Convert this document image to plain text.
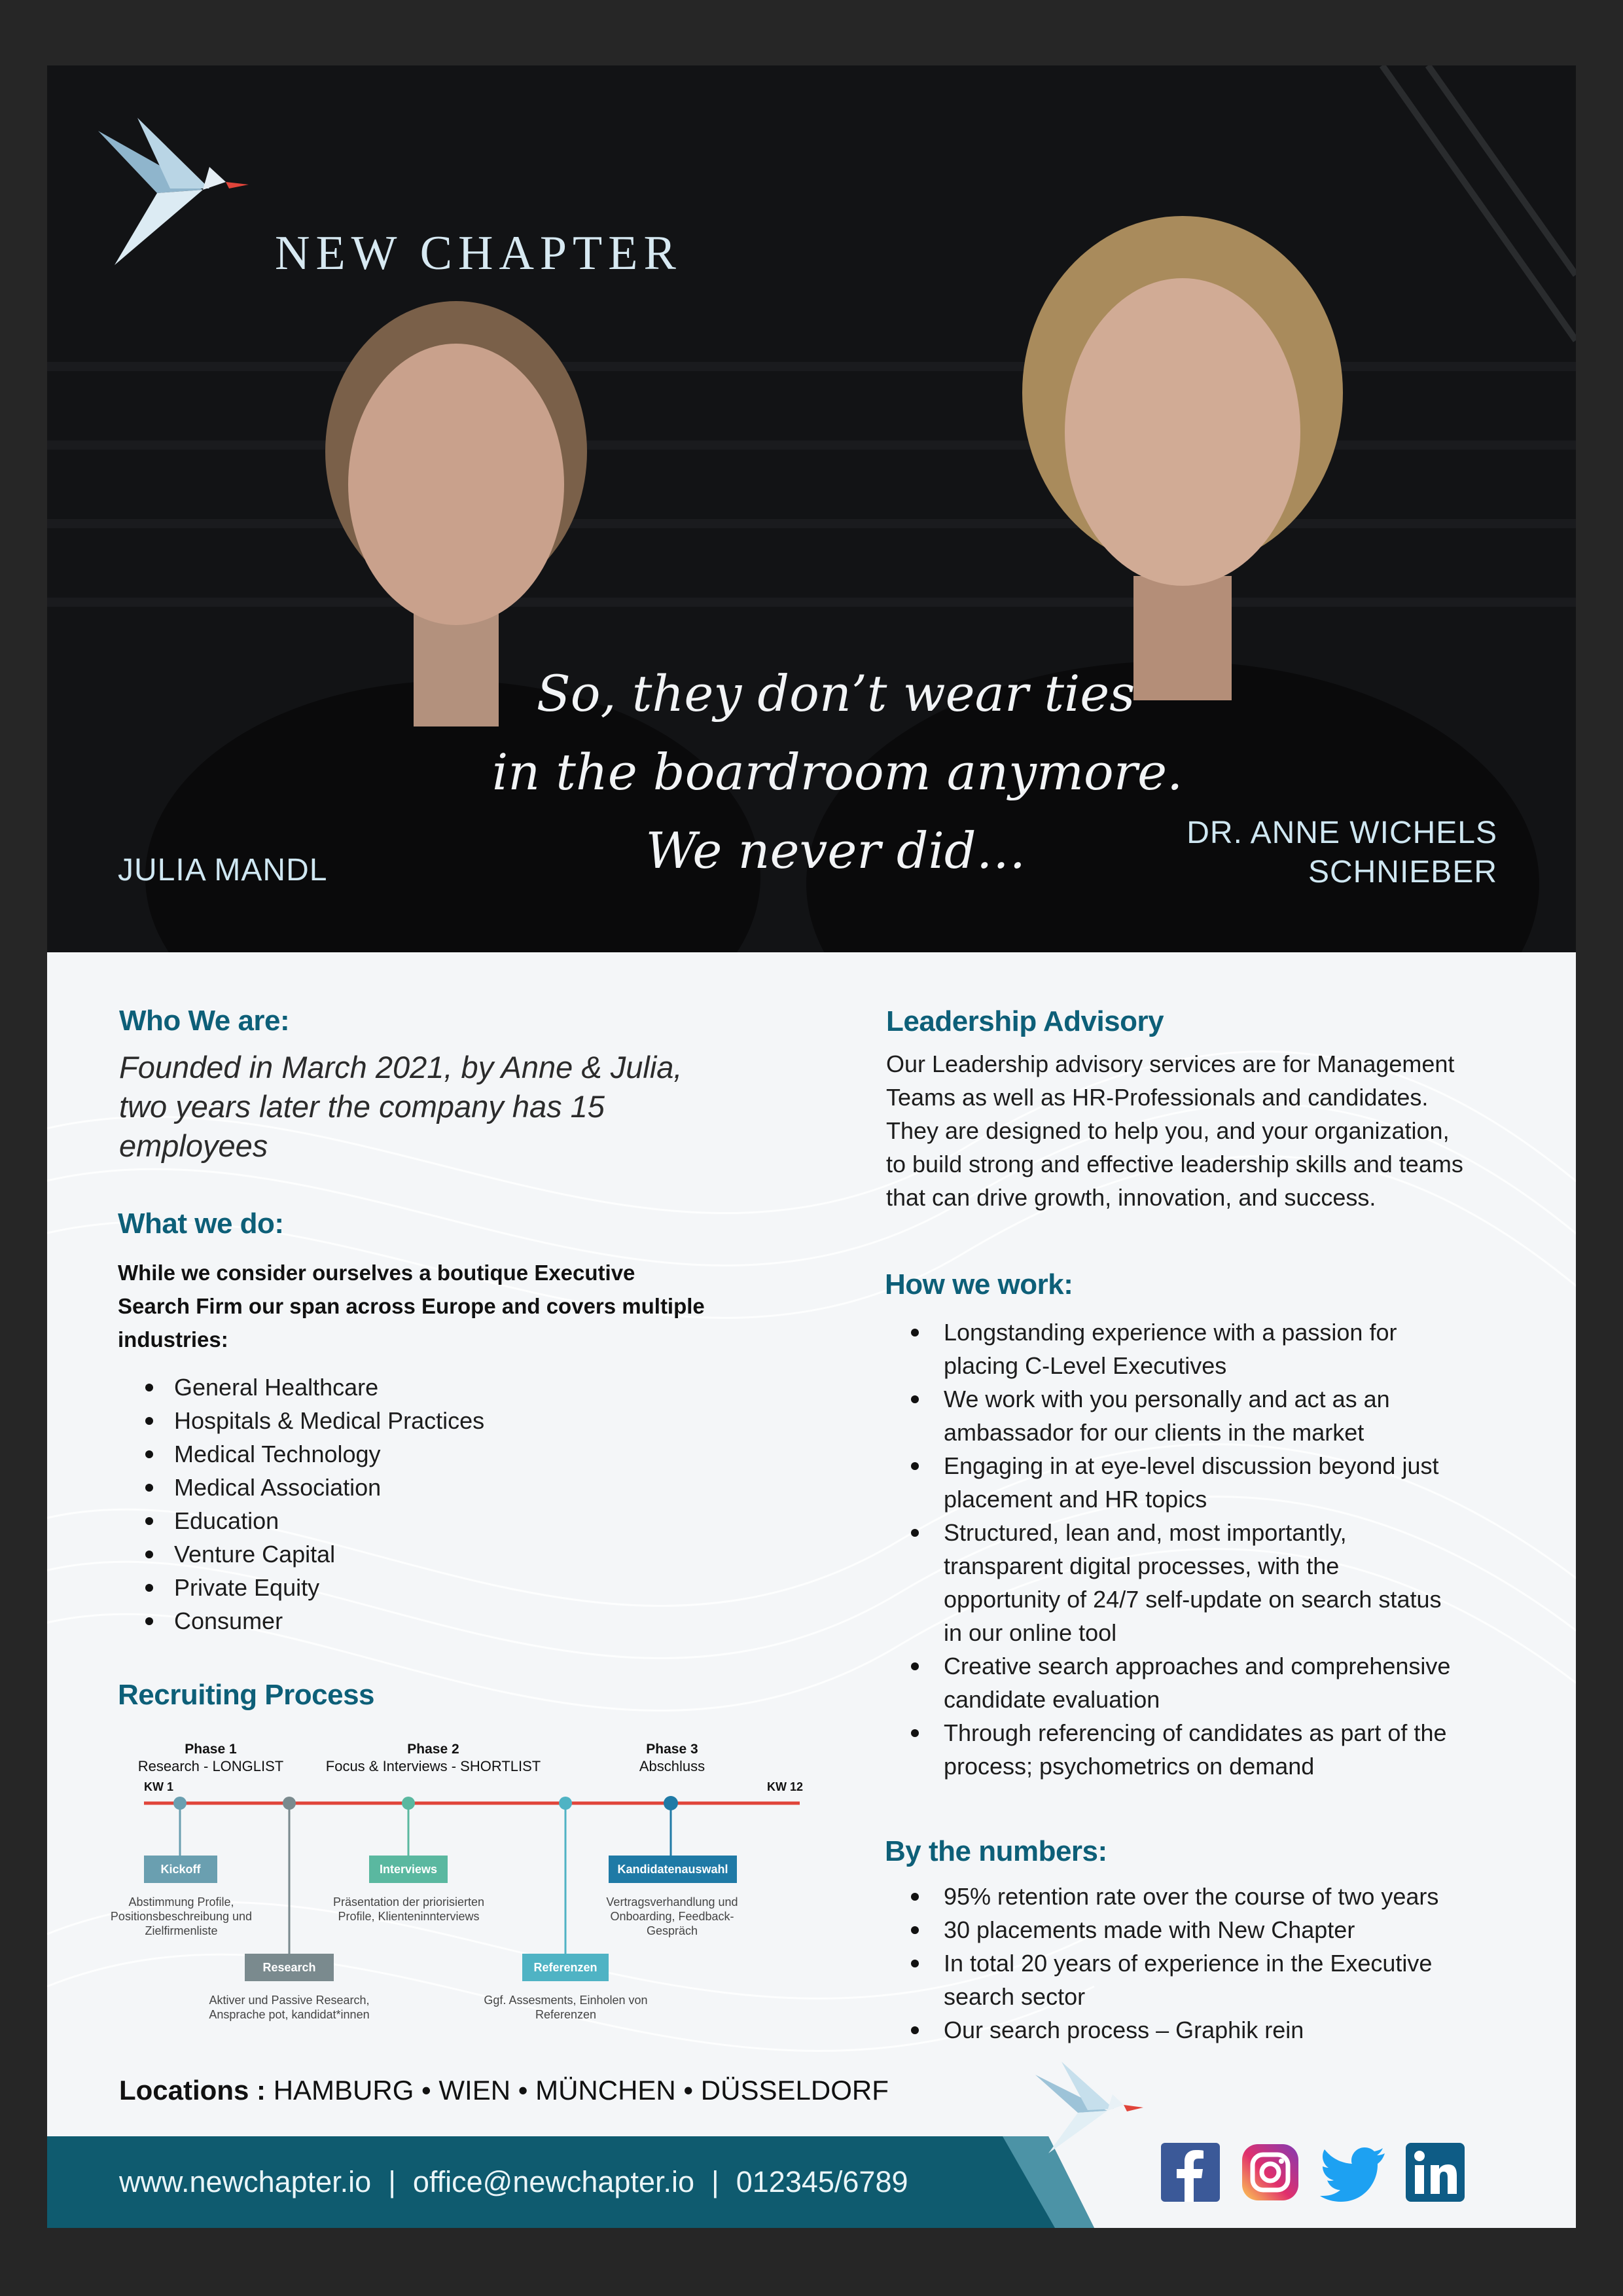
NEW CHAPTER
So, they don’t wear ties
in the boardroom anymore.
We never did…
JULIA MANDL
DR. ANNE WICHELS
SCHNIEBER
Who We are:
Founded in March 2021, by Anne & Julia,
two years later the company has 15
employees
What we do:
While we consider ourselves a boutique Executive
Search Firm our span across Europe and covers multiple
industries:
General Healthcare
Hospitals & Medical Practices
Medical Technology
Medical Association
Education
Venture Capital
Private Equity
Consumer
Recruiting Process
Phase 1
Research - LONGLIST
Phase 2
Focus & Interviews - SHORTLIST
Phase 3
Abschluss
KW 1	KW 12
Kickoff
Abstimmung Profile,
Positionsbeschreibung und
Zielfirmenliste
Research
Aktiver und Passive Research,
Ansprache pot, kandidat*innen
Interviews
Präsentation der priorisierten
Profile, Klienteninnterviews
Referenzen
Ggf. Assesments, Einholen von
Referenzen
Kandidatenauswahl
Vertragsverhandlung und
Onboarding, Feedback-
Gespräch
Leadership Advisory
Our Leadership advisory services are for Management
Teams as well as HR-Professionals and candidates.
They are designed to help you, and your organization,
to build strong and effective leadership skills and teams
that can drive growth, innovation, and success.
How we work:
Longstanding experience with a passion for
placing C-Level Executives
We work with you personally and act as an
ambassador for our clients in the market
Engaging in at eye-level discussion beyond just
placement and HR topics
Structured, lean and, most importantly,
transparent digital processes, with the
opportunity of 24/7 self-update on search status
in our online tool
Creative search approaches and comprehensive
candidate evaluation
Through referencing of candidates as part of the
process; psychometrics on demand
By the numbers:
95% retention rate over the course of two years
30 placements made with New Chapter
In total 20 years of experience in the Executive
search sector
Our search process – Graphik rein
Locations : HAMBURG • WIEN • MÜNCHEN • DÜSSELDORF
www.newchapter.io | office@newchapter.io | 012345/6789
